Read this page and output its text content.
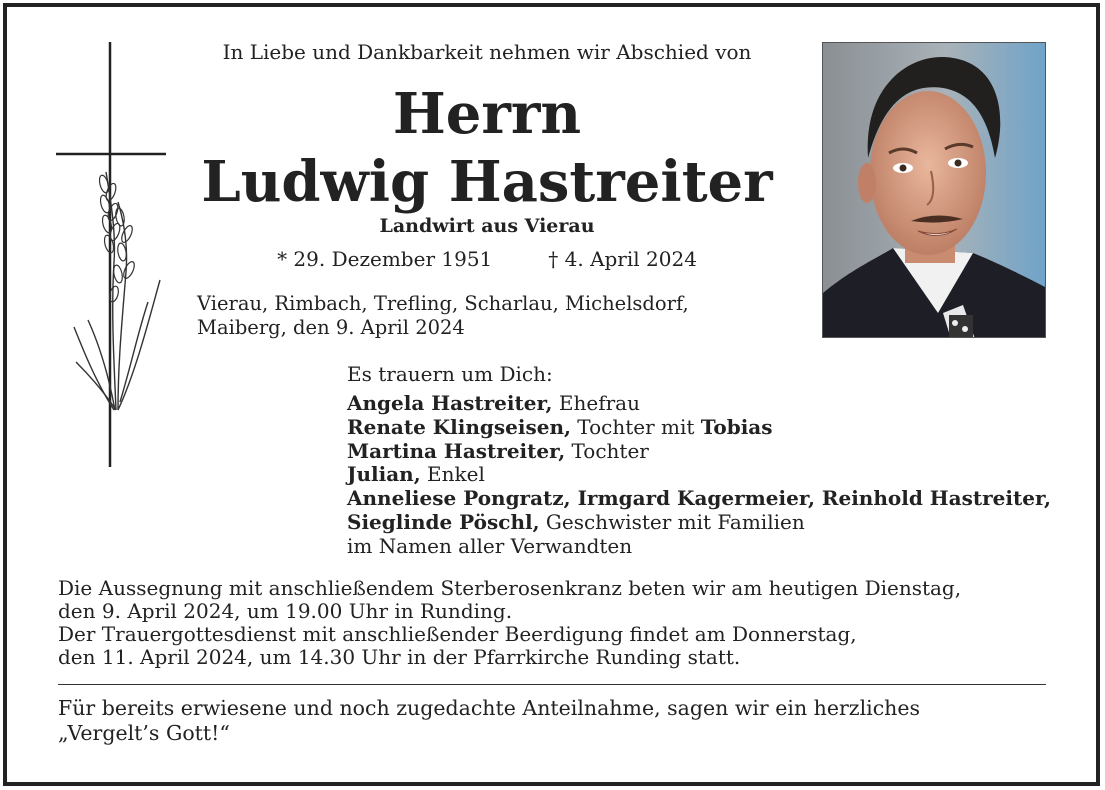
In Liebe und Dankbarkeit nehmen wir Abschied von
Herrn
Ludwig Hastreiter
Landwirt aus Vierau
* 29. Dezember 1951	† 4. April 2024
Vierau, Rimbach, Trefling, Scharlau, Michelsdorf,
Maiberg, den 9. April 2024
Es trauern um Dich:
Angela Hastreiter, Ehefrau
Renate Klingseisen, Tochter mit Tobias
Martina Hastreiter, Tochter
Julian, Enkel
Anneliese Pongratz, Irmgard Kagermeier, Reinhold Hastreiter,
Sieglinde Pöschl, Geschwister mit Familien
im Namen aller Verwandten
Die Aussegnung mit anschließendem Sterberosenkranz beten wir am heutigen Dienstag,
den 9. April 2024, um 19.00 Uhr in Runding.
Der Trauergottesdienst mit anschließender Beerdigung findet am Donnerstag,
den 11. April 2024, um 14.30 Uhr in der Pfarrkirche Runding statt.
Für bereits erwiesene und noch zugedachte Anteilnahme, sagen wir ein herzliches
„Vergelt’s Gott!“
